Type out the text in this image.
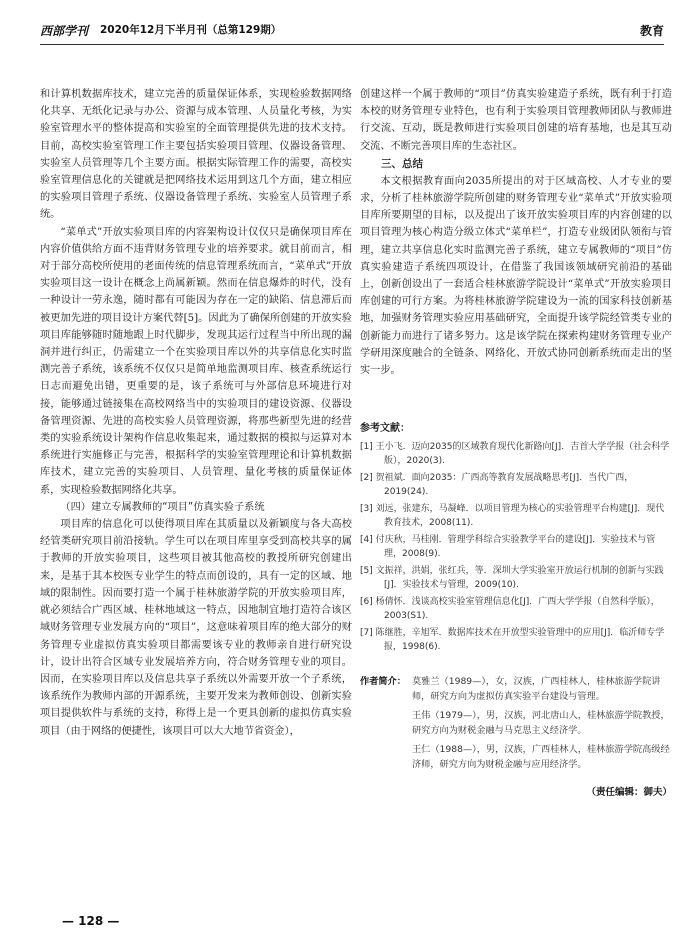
西部学刊 2020年12月下半月刊（总第129期）	教育

和计算机数据库技术，建立完善的质量保证体系，实现检验数据网络化共享、无纸化记录与办公、资源与成本管理、人员量化考核，为实验室管理水平的整体提高和实验室的全面管理提供先进的技术支持。目前，高校实验室管理工作主要包括实验项目管理、仪器设备管理、实验室人员管理等几个主要方面。根据实际管理工作的需要，高校实验室管理信息化的关键就是把网络技术运用到这几个方面，建立相应的实验项目管理子系统、仪器设备管理子系统、实验室人员管理子系统。

“菜单式”开放实验项目库的内容架构设计仅仅只是确保项目库在内容价值供给方面不违背财务管理专业的培养要求。就目前而言，相对于部分高校所使用的老面传统的信息管理系统而言，“菜单式”开放实验项目这一设计在概念上尚属新颖。然而在信息爆炸的时代，没有一种设计一劳永逸，随时都有可能因为存在一定的缺陷、信息滞后而被更加先进的项目设计方案代替[5]。因此为了确保所创建的开放实验项目库能够随时随地跟上时代脚步，发现其运行过程当中所出现的漏洞并进行纠正，仍需建立一个在实验项目库以外的共享信息化实时监测完善子系统，该系统不仅仅只是简单地监测项目库、核查系统运行日志而避免出错，更重要的是，该子系统可与外部信息环境进行对接，能够通过链接集在高校网络当中的实验项目的建设资源、仪器设备管理资源、先进的高校实验人员管理资源，将那些新型先进的经营类的实验系统设计架构作信息收集起来，通过数据的模拟与运算对本系统进行实施修正与完善，根据科学的实验室管理理论和计算机数据库技术，建立完善的实验项目、人员管理、量化考核的质量保证体系，实现检验数据网络化共享。

（四）建立专属教师的“项目”仿真实验子系统

项目库的信息化可以使得项目库在其质量以及新颖度与各大高校经管类研究项目前沿接轨。学生可以在项目库里享受到高校共享的属于教师的开放实验项目，这些项目被其他高校的教授所研究创建出来，是基于其本校医专业学生的特点而创设的，具有一定的区域、地域的限制性。因而要打造一个属于桂林旅游学院的开放实验项目库，就必须结合广西区域、桂林地域这一特点，因地制宜地打造符合该区域财务管理专业发展方向的“项目”，这意味着项目库的绝大部分的财务管理专业虚拟仿真实验项目都需要该专业的教师亲自进行研究设计，设计出符合区域专业发展培养方向，符合财务管理专业的项目。因而，在实验项目库以及信息共享子系统以外需要开放一个子系统，该系统作为教师内部的开源系统，主要开发来为教师创设、创新实验项目提供软件与系统的支持，称得上是一个更具创新的虚拟仿真实验项目（由于网络的便捷性，该项目可以大大地节省资金），

创建这样一个属于教师的“项目”仿真实验建造子系统，既有利于打造本校的财务管理专业特色，也有利于实验项目管理教师团队与教师进行交流、互动，既是教师进行实验项目创建的培育基地，也是其互动交流、不断完善项目库的生态社区。

三、总结

本文根据教育面向2035所提出的对于区域高校、人才专业的要求，分析了桂林旅游学院所创建的财务管理专业“菜单式”开放实验项目库所要期望的目标，以及提出了该开放实验项目库的内容创建的以项目管理为核心构造分级立体式“菜单栏”，打造专业级团队领衔与管理，建立共享信息化实时监测完善子系统，建立专属教师的“项目”仿真实验建造子系统四项设计，在借鉴了我国该领域研究前沿的基础上，创新创设出了一套适合桂林旅游学院设计“菜单式”开放实验项目库创建的可行方案。为将桂林旅游学院建设为一流的国家科技创新基地，加强财务管理实验应用基础研究，全面提升该学院经管类专业的创新能力而进行了诸多努力。这是该学院在探索构建财务管理专业产学研用深度融合的全链条、网络化、开放式协同创新系统而走出的坚实一步。

参考文献：
[1] 王小飞．迈向2035的区域教育现代化新路向[J]．吉首大学学报（社会科学版），2020(3).
[2] 贺祖斌．面向2035：广西高等教育发展战略思考[J]．当代广西，2019(24).
[3] 刘远，张建东，马凝峰．以项目管理为核心的实验管理平台构建[J]．现代教育技术，2008(11).
[4] 付庆秋，马桂刚．管理学科综合实验教学平台的建设[J]．实验技术与管理，2008(9).
[5] 文振祥，洪娟，张红兵，等．深圳大学实验室开放运行机制的创新与实践[J]．实验技术与管理，2009(10).
[6] 杨倩怀．浅谈高校实验室管理信息化[J]．广西大学学报（自然科学版），2003(S1).
[7] 陈继胜，辛旭军．数据库技术在开放型实验管理中的应用[J]．临沂师专学报，1998(6).
作者简介： 莫雅兰（1989—），女，汉族，广西桂林人，桂林旅游学院讲师，研究方向为虚拟仿真实验平台建设与管理。
王伟（1979—），男，汉族，河北唐山人，桂林旅游学院教授，研究方向为财税金融与马克思主义经济学。
王仁（1988—），男，汉族，广西桂林人，桂林旅游学院高级经济师，研究方向为财税金融与应用经济学。
（责任编辑：御夫）
— 128 —
